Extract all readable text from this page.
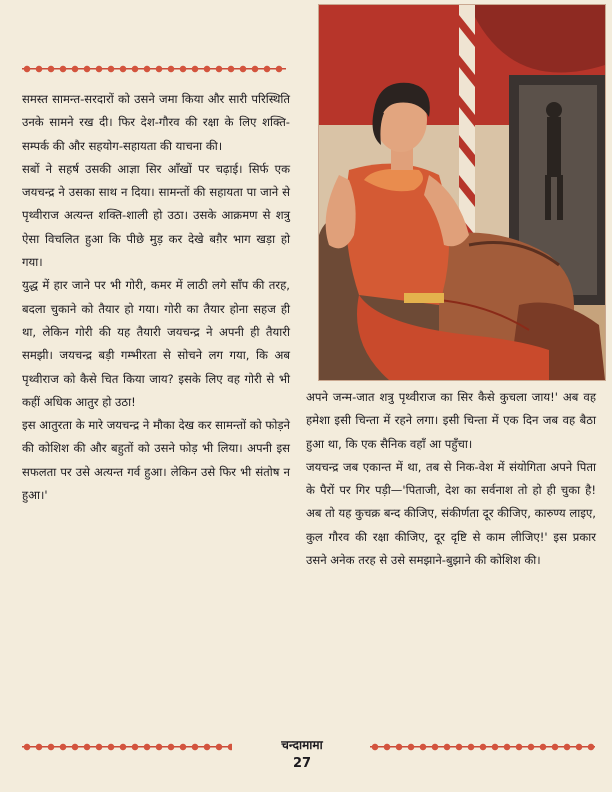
समस्त सामन्त-सरदारों को उसने जमा किया और सारी परिस्थिति उनके सामने रख दी। फिर देश-गौरव की रक्षा के लिए शक्ति-सम्पर्क की और सहयोग-सहायता की याचना की।

सबों ने सहर्ष उसकी आज्ञा सिर आँखों पर चढ़ाई। सिर्फ एक जयचन्द्र ने उसका साथ न दिया। सामन्तों की सहायता पा जाने से पृथ्वीराज अत्यन्त शक्ति-शाली हो उठा। उसके आक्रमण से शत्रु ऐसा विचलित हुआ कि पीछे मुड़ कर देखे बग़ैर भाग खड़ा हो गया।

युद्ध में हार जाने पर भी गोरी, कमर में लाठी लगे साँप की तरह, बदला चुकाने को तैयार हो गया। गोरी का तैयार होना सहज ही था, लेकिन गोरी की यह तैयारी जयचन्द्र ने अपनी ही तैयारी समझी। जयचन्द्र बड़ी गम्भीरता से सोचने लग गया, कि अब पृथ्वीराज को कैसे चित किया जाय? इसके लिए वह गोरी से भी कहीं अधिक आतुर हो उठा!

इस आतुरता के मारे जयचन्द्र ने मौका देख कर सामन्तों को फोड़ने की कोशिश की और बहुतों को उसने फोड़ भी लिया। अपनी इस सफलता पर उसे अत्यन्त गर्व हुआ। लेकिन उसे फिर भी संतोष न हुआ।'

अपने जन्म-जात शत्रु पृथ्वीराज का सिर कैसे कुचला जाय!' अब वह हमेशा इसी चिन्ता में रहने लगा। इसी चिन्ता में एक दिन जब वह बैठा हुआ था, कि एक सैनिक वहाँ आ पहुँचा।

जयचन्द्र जब एकान्त में था, तब से निक-वेश में संयोगिता अपने पिता के पैरों पर गिर पड़ी—'पिताजी, देश का सर्वनाश तो हो ही चुका है! अब तो यह कुचक्र बन्द कीजिए, संकीर्णता दूर कीजिए, कारुण्य लाइए, कुल गौरव की रक्षा कीजिए, दूर दृष्टि से काम लीजिए!' इस प्रकार उसने अनेक तरह से उसे समझाने-बुझाने की कोशिश की।

चन्दामामा
27
